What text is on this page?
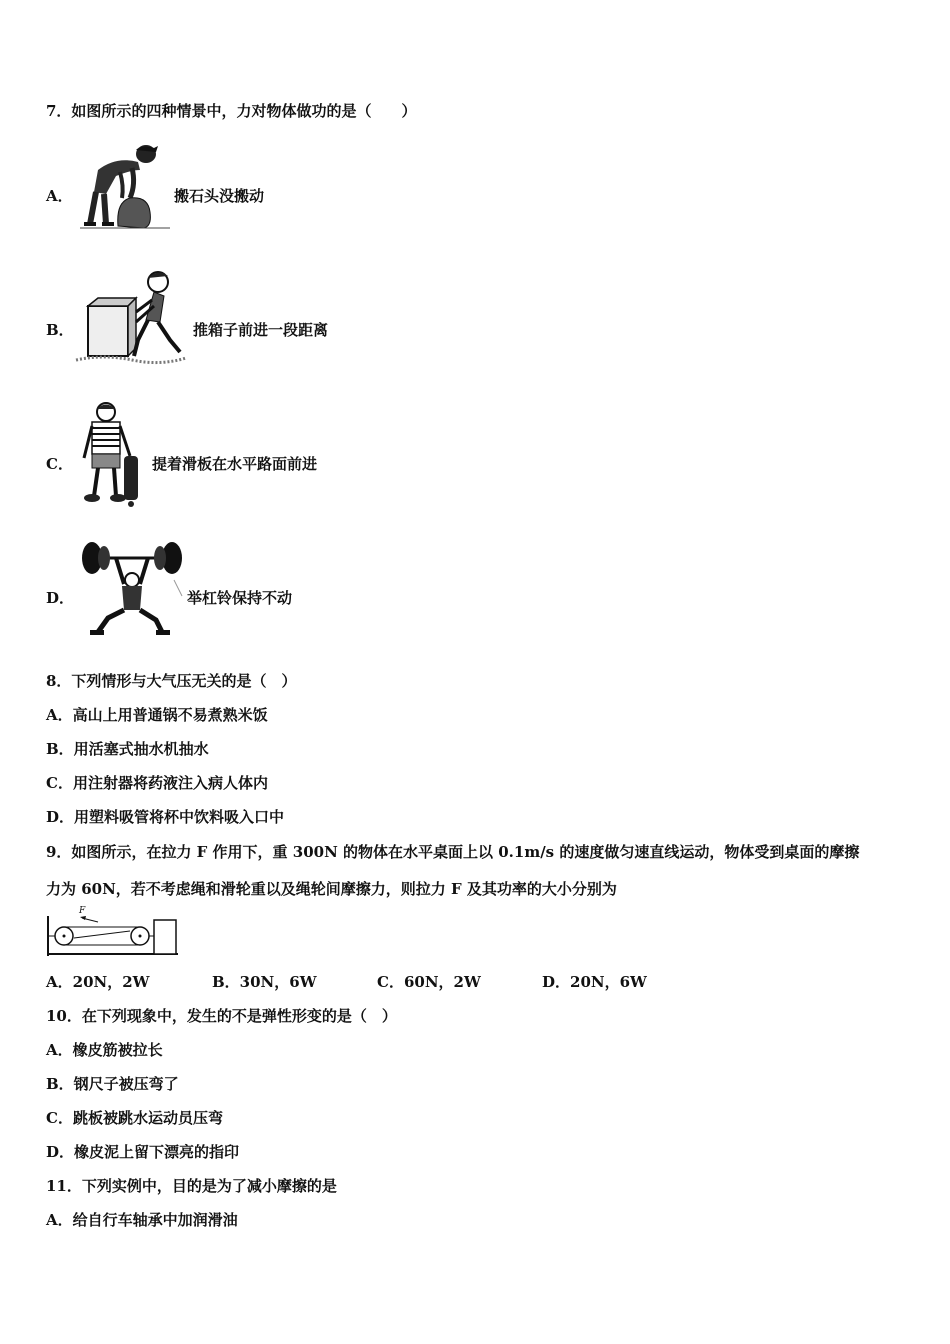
7．如图所示的四种情景中，力对物体做功的是（　　）
A．	搬石头没搬动
B．	推箱子前进一段距离
C．	提着滑板在水平路面前进
D．	举杠铃保持不动
8．下列情形与大气压无关的是（　）
A．高山上用普通锅不易煮熟米饭
B．用活塞式抽水机抽水
C．用注射器将药液注入病人体内
D．用塑料吸管将杯中饮料吸入口中
9．如图所示，在拉力 F 作用下，重 300N 的物体在水平桌面上以 0.1m/s 的速度做匀速直线运动，物体受到桌面的摩擦
力为 60N，若不考虑绳和滑轮重以及绳轮间摩擦力，则拉力 F 及其功率的大小分别为
F
A．20N，2W	B．30N，6W	C．60N，2W	D．20N，6W
10．在下列现象中，发生的不是弹性形变的是（　）
A．橡皮筋被拉长
B．钢尺子被压弯了
C．跳板被跳水运动员压弯
D．橡皮泥上留下漂亮的指印
11．下列实例中，目的是为了减小摩擦的是
A．给自行车轴承中加润滑油
